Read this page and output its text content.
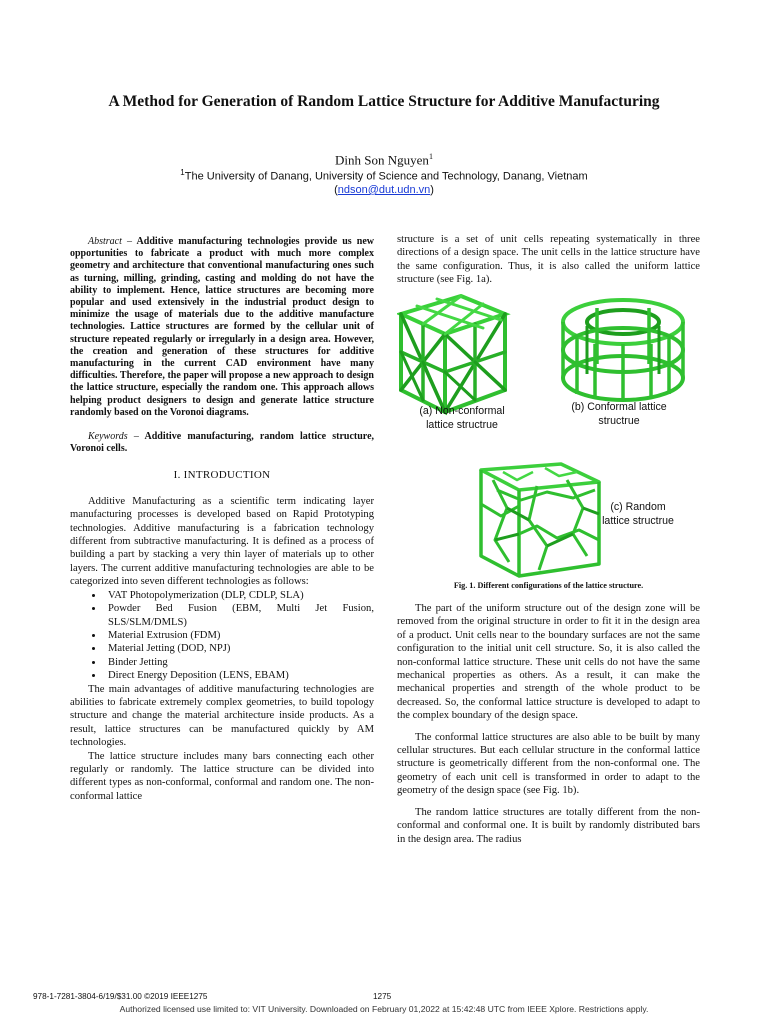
A Method for Generation of Random Lattice Structure for Additive Manufacturing
Dinh Son Nguyen$^1$
$^1$The University of Danang, University of Science and Technology, Danang, Vietnam
(ndson@dut.udn.vn)

Abstract – Additive manufacturing technologies provide us new opportunities to fabricate a product with much more complex geometry and architecture that conventional manufacturing ones such as turning, milling, grinding, casting and molding do not have the ability to implement. Hence, lattice structures are becoming more popular and used extensively in the industrial product design to minimize the usage of materials due to the additive manufacture technologies. Lattice structures are formed by the cellular unit of structure repeated regularly or irregularly in a design area. However, the creation and generation of these structures for additive manufacturing in the current CAD environment have many difficulties. Therefore, the paper will propose a new approach to design the lattice structure, especially the random one. This approach allows helping product designers to design and generate lattice structure randomly based on the Voronoi diagrams.

Keywords – Additive manufacturing, random lattice structure, Voronoi cells.

I. INTRODUCTION

Additive Manufacturing as a scientific term indicating layer manufacturing processes is developed based on Rapid Prototyping technologies. Additive manufacturing is a fabrication technology different from subtractive manufacturing. It is defined as a process of building a part by stacking a very thin layer of materials up to other layers. The current additive manufacturing technologies are able to be categorized into seven different technologies as follows:

• VAT Photopolymerization (DLP, CDLP, SLA)
• Powder Bed Fusion (EBM, Multi Jet Fusion, SLS/SLM/DMLS)
• Material Extrusion (FDM)
• Material Jetting (DOD, NPJ)
• Binder Jetting
• Direct Energy Deposition (LENS, EBAM)

The main advantages of additive manufacturing technologies are abilities to fabricate extremely complex geometries, to build topology structure and change the material architecture inside products. As a result, lattice structures can be manufactured quickly by AM technologies.

The lattice structure includes many bars connecting each other regularly or randomly. The lattice structure can be divided into different types as non-conformal, conformal and random one. The non-conformal lattice

structure is a set of unit cells repeating systematically in three directions of a design space. The unit cells in the lattice structure have the same configuration. Thus, it is also called the uniform lattice structure (see Fig. 1a).

(a) Non-conformal
lattice structrue
(b) Conformal lattice
structrue
(c) Random
lattice structrue
Fig. 1. Different configurations of the lattice structure.

The part of the uniform structure out of the design zone will be removed from the original structure in order to fit it in the design area of a product. Unit cells near to the boundary surfaces are not the same configuration to the initial unit cell structure. So, it is also called the non-conformal lattice structure. These unit cells do not have the same mechanical properties as others. As a result, it can make the mechanical properties and strength of the whole product to be decreased. So, the conformal lattice structure is developed to adapt to the complex boundary of the design space.

The conformal lattice structures are also able to be built by many cellular structures. But each cellular structure in the conformal lattice structure is geometrically different from the non-conformal one. The geometry of each unit cell is transformed in order to adapt to the geometry of the design space (see Fig. 1b).

The random lattice structures are totally different from the non-conformal and conformal one. It is built by randomly distributed bars in the design area. The radius

978-1-7281-3804-6/19/$31.00 ©2019 IEEE1275	1275
Authorized licensed use limited to: VIT University. Downloaded on February 01,2022 at 15:42:48 UTC from IEEE Xplore. Restrictions apply.
